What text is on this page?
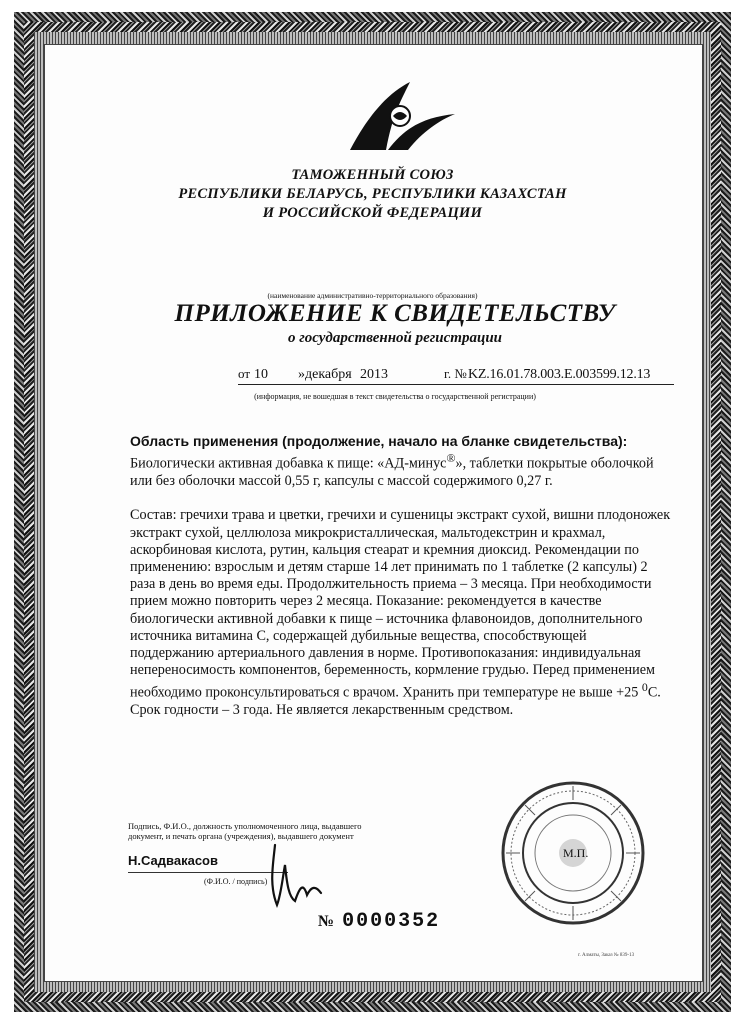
ТАМОЖЕННЫЙ СОЮЗ
РЕСПУБЛИКИ БЕЛАРУСЬ, РЕСПУБЛИКИ КАЗАХСТАН
И РОССИЙСКОЙ ФЕДЕРАЦИИ
(наименование административно-территориального образования)
ПРИЛОЖЕНИЕ К СВИДЕТЕЛЬСТВУ
о государственной регистрации
от 10 »декабря 2013	г. № KZ.16.01.78.003.E.003599.12.13
(информация, не вошедшая в текст свидетельства о государственной регистрации)

Область применения (продолжение, начало на бланке свидетельства):

Биологически активная добавка к пище: «АД-минус®», таблетки покрытые оболочкой или без оболочки массой 0,55 г, капсулы с массой содержимого 0,27 г.

Состав: гречихи трава и цветки, гречихи и сушеницы экстракт сухой, вишни плодоножек экстракт сухой, целлюлоза микрокристаллическая, мальтодекстрин и крахмал, аскорбиновая кислота, рутин, кальция стеарат и кремния диоксид. Рекомендации по применению: взрослым и детям старше 14 лет принимать по 1 таблетке (2 капсулы) 2 раза в день во время еды. Продолжительность приема – 3 месяца. При необходимости прием можно повторить через 2 месяца. Показание: рекомендуется в качестве биологически активной добавки к пище – источника флавоноидов, дополнительного источника витамина С, содержащей дубильные вещества, способствующей поддержанию артериального давления в норме. Противопоказания: индивидуальная непереносимость компонентов, беременность, кормление грудью. Перед применением необходимо проконсультироваться с врачом. Хранить при температуре не выше +25 $^0$С. Срок годности – 3 года. Не является лекарственным средством.

Подпись, Ф.И.О., должность уполномоченного лица, выдавшего документ, и печать органа (учреждения), выдавшего документ
Н.Садвакасов
(Ф.И.О. / подпись)
№ 0000352
М.П.
г. Алматы, Заказ № 839-13
